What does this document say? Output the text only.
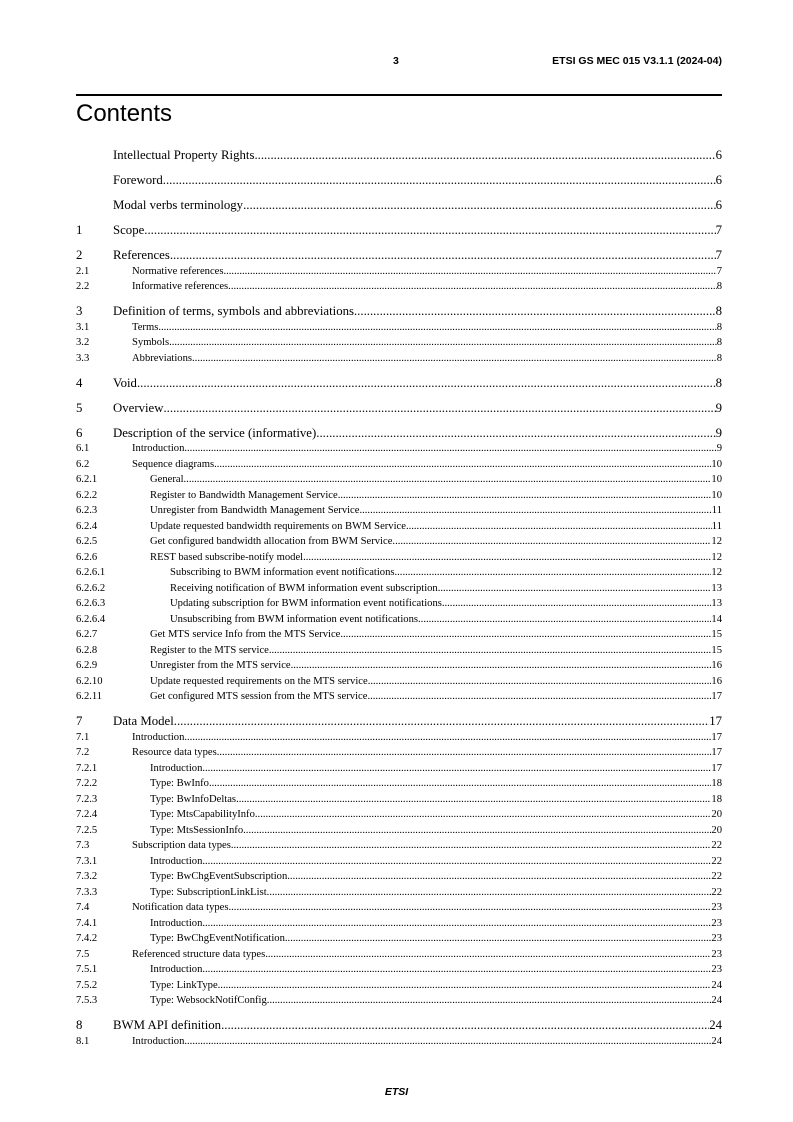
3	ETSI GS MEC 015 V3.1.1 (2024-04)
Contents
Intellectual Property Rights .....	6
Foreword .....	6
Modal verbs terminology .....	6
1	Scope .....	7
2	References .....	7
2.1	Normative references .....	7
2.2	Informative references .....	8
3	Definition of terms, symbols and abbreviations .....	8
3.1	Terms .....	8
3.2	Symbols .....	8
3.3	Abbreviations .....	8
4	Void .....	8
5	Overview .....	9
6	Description of the service (informative) .....	9
6.1	Introduction .....	9
6.2	Sequence diagrams .....	10
6.2.1	General .....	10
6.2.2	Register to Bandwidth Management Service .....	10
6.2.3	Unregister from Bandwidth Management Service .....	11
6.2.4	Update requested bandwidth requirements on BWM Service .....	11
6.2.5	Get configured bandwidth allocation from BWM Service .....	12
6.2.6	REST based subscribe-notify model .....	12
6.2.6.1	Subscribing to BWM information event notifications .....	12
6.2.6.2	Receiving notification of BWM information event subscription .....	13
6.2.6.3	Updating subscription for BWM information event notifications .....	13
6.2.6.4	Unsubscribing from BWM information event notifications .....	14
6.2.7	Get MTS service Info from the MTS Service .....	15
6.2.8	Register to the MTS service .....	15
6.2.9	Unregister from the MTS service .....	16
6.2.10	Update requested requirements on the MTS service .....	16
6.2.11	Get configured MTS session from the MTS service .....	17
7	Data Model .....	17
7.1	Introduction .....	17
7.2	Resource data types .....	17
7.2.1	Introduction .....	17
7.2.2	Type: BwInfo .....	18
7.2.3	Type: BwInfoDeltas .....	18
7.2.4	Type: MtsCapabilityInfo .....	20
7.2.5	Type: MtsSessionInfo .....	20
7.3	Subscription data types .....	22
7.3.1	Introduction .....	22
7.3.2	Type: BwChgEventSubscription .....	22
7.3.3	Type: SubscriptionLinkList .....	22
7.4	Notification data types .....	23
7.4.1	Introduction .....	23
7.4.2	Type: BwChgEventNotification .....	23
7.5	Referenced structure data types .....	23
7.5.1	Introduction .....	23
7.5.2	Type: LinkType .....	24
7.5.3	Type: WebsockNotifConfig .....	24
8	BWM API definition .....	24
8.1	Introduction .....	24
ETSI
